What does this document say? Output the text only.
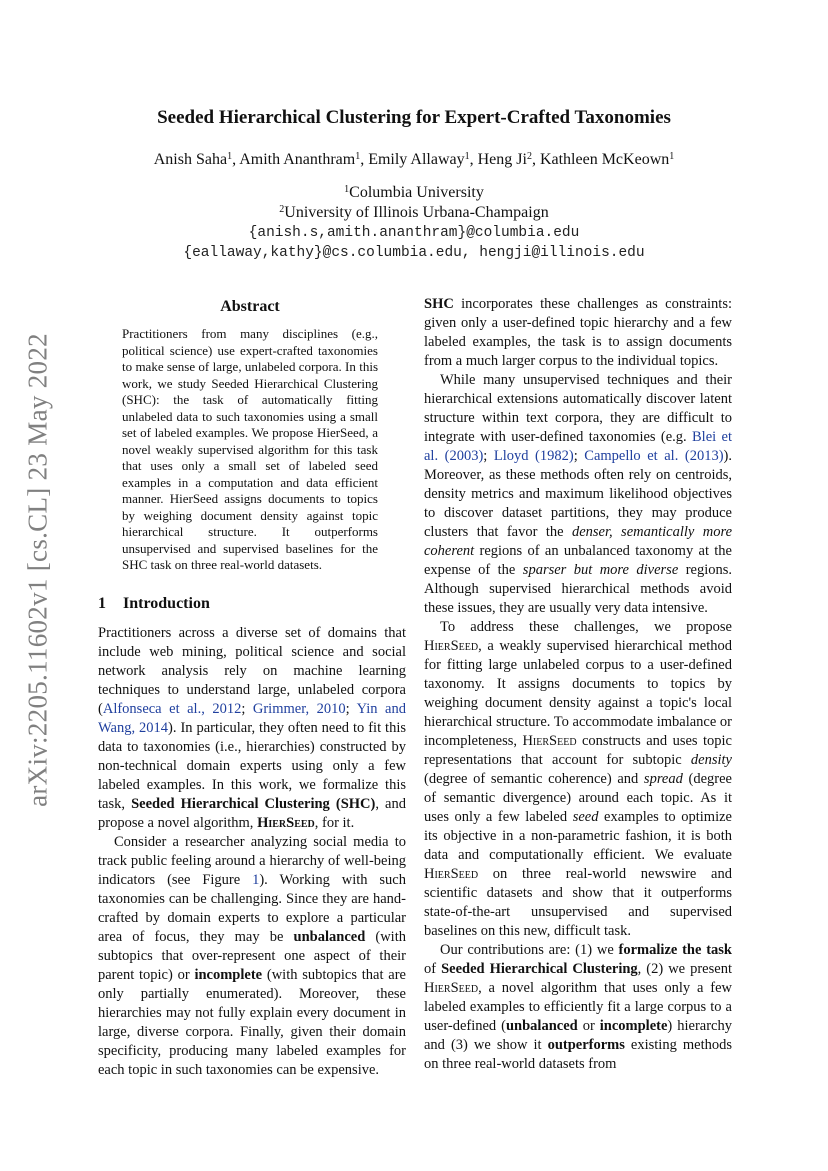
arXiv:2205.11602v1 [cs.CL] 23 May 2022
Seeded Hierarchical Clustering for Expert-Crafted Taxonomies
Anish Saha$^1$, Amith Ananthram$^1$, Emily Allaway$^1$, Heng Ji$^2$, Kathleen McKeown$^1$
$^1$Columbia University
$^2$University of Illinois Urbana-Champaign
{anish.s,amith.ananthram}@columbia.edu
{eallaway,kathy}@cs.columbia.edu, hengji@illinois.edu
Abstract
Practitioners from many disciplines (e.g., political science) use expert-crafted taxonomies to make sense of large, unlabeled corpora. In this work, we study Seeded Hierarchical Clustering (SHC): the task of automatically fitting unlabeled data to such taxonomies using a small set of labeled examples. We propose HierSeed, a novel weakly supervised algorithm for this task that uses only a small set of labeled seed examples in a computation and data efficient manner. HierSeed assigns documents to topics by weighing document density against topic hierarchical structure. It outperforms unsupervised and supervised baselines for the SHC task on three real-world datasets.
1 Introduction

Practitioners across a diverse set of domains that include web mining, political science and social network analysis rely on machine learning techniques to understand large, unlabeled corpora (Alfonseca et al., 2012; Grimmer, 2010; Yin and Wang, 2014). In particular, they often need to fit this data to taxonomies (i.e., hierarchies) constructed by non-technical domain experts using only a few labeled examples. In this work, we formalize this task, Seeded Hierarchical Clustering (SHC), and propose a novel algorithm, HierSeed, for it.

Consider a researcher analyzing social media to track public feeling around a hierarchy of well-being indicators (see Figure 1). Working with such taxonomies can be challenging. Since they are hand-crafted by domain experts to explore a particular area of focus, they may be unbalanced (with subtopics that over-represent one aspect of their parent topic) or incomplete (with subtopics that are only partially enumerated). Moreover, these hierarchies may not fully explain every document in large, diverse corpora. Finally, given their domain specificity, producing many labeled examples for each topic in such taxonomies can be expensive.

SHC incorporates these challenges as constraints: given only a user-defined topic hierarchy and a few labeled examples, the task is to assign documents from a much larger corpus to the individual topics.

While many unsupervised techniques and their hierarchical extensions automatically discover latent structure within text corpora, they are difficult to integrate with user-defined taxonomies (e.g. Blei et al. (2003); Lloyd (1982); Campello et al. (2013)). Moreover, as these methods often rely on centroids, density metrics and maximum likelihood objectives to discover dataset partitions, they may produce clusters that favor the denser, semantically more coherent regions of an unbalanced taxonomy at the expense of the sparser but more diverse regions. Although supervised hierarchical methods avoid these issues, they are usually very data intensive.

To address these challenges, we propose HierSeed, a weakly supervised hierarchical method for fitting large unlabeled corpus to a user-defined taxonomy. It assigns documents to topics by weighing document density against a topic's local hierarchical structure. To accommodate imbalance or incompleteness, HierSeed constructs and uses topic representations that account for subtopic density (degree of semantic coherence) and spread (degree of semantic divergence) around each topic. As it uses only a few labeled seed examples to optimize its objective in a non-parametric fashion, it is both data and computationally efficient. We evaluate HierSeed on three real-world newswire and scientific datasets and show that it outperforms state-of-the-art unsupervised and supervised baselines on this new, difficult task.

Our contributions are: (1) we formalize the task of Seeded Hierarchical Clustering, (2) we present HierSeed, a novel algorithm that uses only a few labeled examples to efficiently fit a large corpus to a user-defined (unbalanced or incomplete) hierarchy and (3) we show it outperforms existing methods on three real-world datasets from
